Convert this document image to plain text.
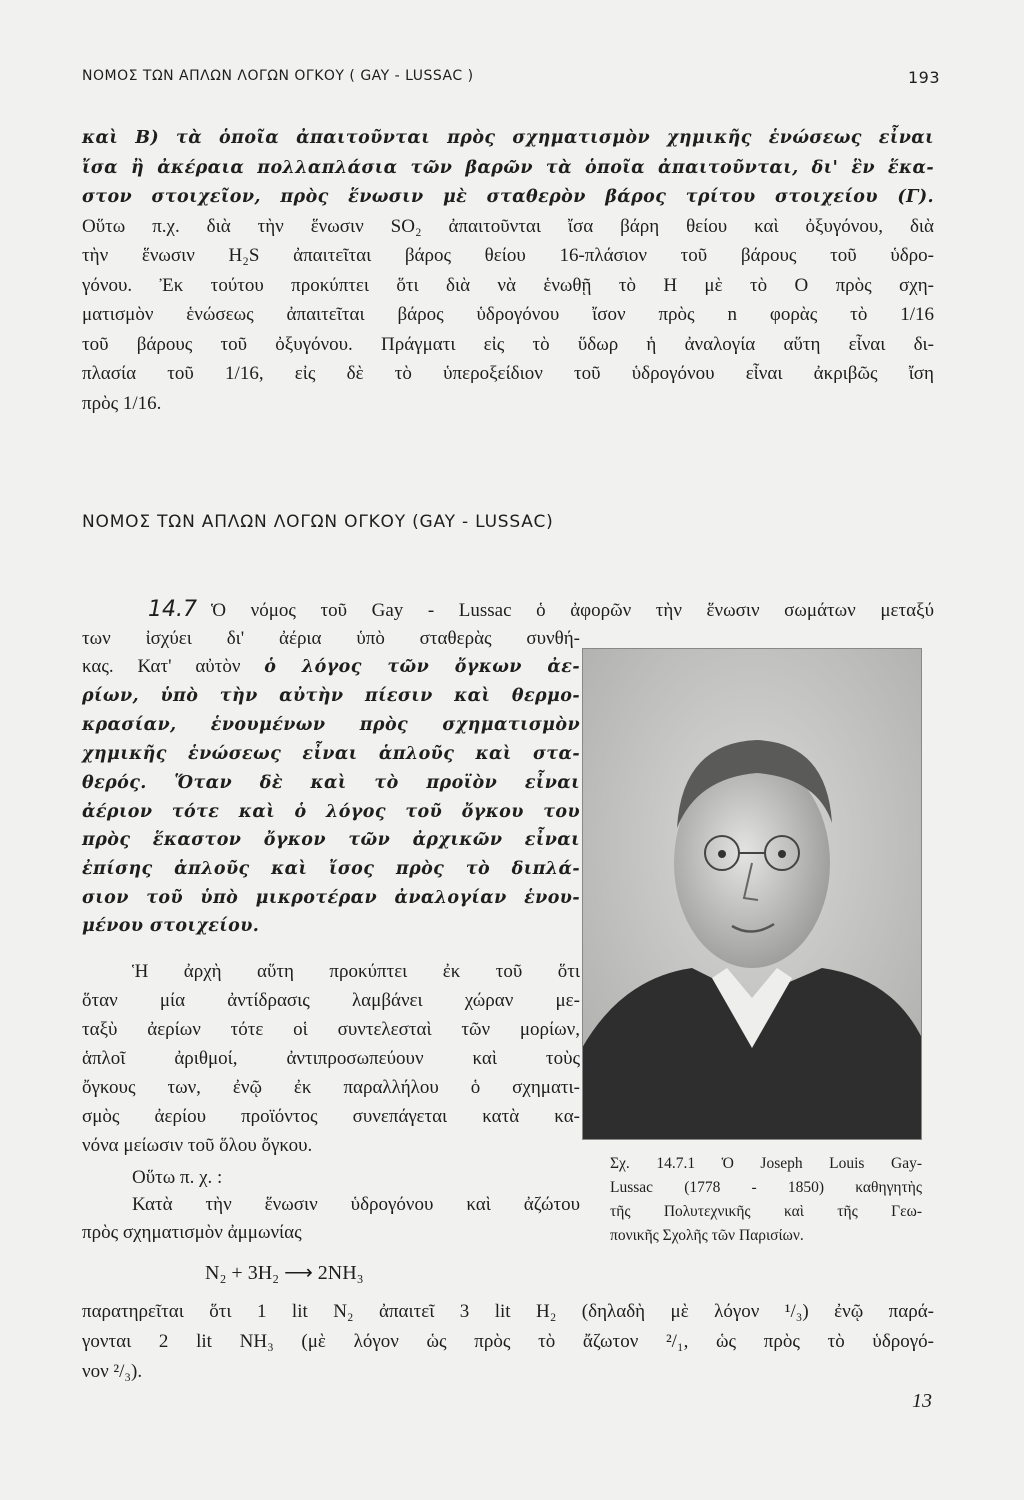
ΝΟΜΟΣ ΤΩΝ ΑΠΛΩΝ ΛΟΓΩΝ ΟΓΚΟΥ ( GAY - LUSSAC )	193
καὶ Β) τὰ ὁποῖα ἀπαιτοῦνται πρὸς σχηματισμὸν χημικῆς ἑνώσεως εἶναι
ἴσα ἢ ἀκέραια πολλαπλάσια τῶν βαρῶν τὰ ὁποῖα ἀπαιτοῦνται, δι' ἓν ἕκα-
στον στοιχεῖον, πρὸς ἕνωσιν μὲ σταθερὸν βάρος τρίτου στοιχείου (Γ).
Οὕτω π.χ. διὰ τὴν ἕνωσιν SO₂ ἀπαιτοῦνται ἴσα βάρη θείου καὶ ὀξυγόνου, διὰ
τὴν ἕνωσιν H₂S ἀπαιτεῖται βάρος θείου 16-πλάσιον τοῦ βάρους τοῦ ὑδρο-
γόνου. Ἐκ τούτου προκύπτει ὅτι διὰ νὰ ἑνωθῇ τὸ H μὲ τὸ O πρὸς σχη-
ματισμὸν ἑνώσεως ἀπαιτεῖται βάρος ὑδρογόνου ἴσον πρὸς n φορὰς τὸ 1/16
τοῦ βάρους τοῦ ὀξυγόνου. Πράγματι εἰς τὸ ὕδωρ ἡ ἀναλογία αὕτη εἶναι δι-
πλασία τοῦ 1/16, εἰς δὲ τὸ ὑπεροξείδιον τοῦ ὑδρογόνου εἶναι ἀκριβῶς ἴση
πρὸς 1/16.
ΝΟΜΟΣ ΤΩΝ ΑΠΛΩΝ ΛΟΓΩΝ ΟΓΚΟΥ (GAY - LUSSAC)
14.7 Ὁ νόμος τοῦ Gay - Lussac ὁ ἀφορῶν τὴν ἕνωσιν σωμάτων μεταξύ
των ἰσχύει δι' ἀέρια ὑπὸ σταθερὰς συνθή-
κας. Κατ' αὐτὸν ὁ λόγος τῶν ὄγκων ἀε-
ρίων, ὑπὸ τὴν αὐτὴν πίεσιν καὶ θερμο-
κρασίαν, ἑνουμένων πρὸς σχηματισμὸν
χημικῆς ἑνώσεως εἶναι ἁπλοῦς καὶ στα-
θερός. Ὅταν δὲ καὶ τὸ προϊὸν εἶναι
ἀέριον τότε καὶ ὁ λόγος τοῦ ὄγκου του
πρὸς ἕκαστον ὄγκον τῶν ἀρχικῶν εἶναι
ἐπίσης ἁπλοῦς καὶ ἴσος πρὸς τὸ διπλά-
σιον τοῦ ὑπὸ μικροτέραν ἀναλογίαν ἑνου-
μένου στοιχείου.
Ἡ ἀρχὴ αὕτη προκύπτει ἐκ τοῦ ὅτι
ὅταν μία ἀντίδρασις λαμβάνει χώραν με-
ταξὺ ἀερίων τότε οἱ συντελεσταὶ τῶν μορίων,
ἁπλοῖ ἀριθμοί, ἀντιπροσωπεύουν καὶ τοὺς
ὄγκους των, ἐνῷ ἐκ παραλλήλου ὁ σχηματι-
σμὸς ἀερίου προϊόντος συνεπάγεται κατὰ κα-
νόνα μείωσιν τοῦ ὅλου ὄγκου.
Οὕτω π. χ. :
Κατὰ τὴν ἕνωσιν ὑδρογόνου καὶ ἀζώτου
πρὸς σχηματισμὸν ἀμμωνίας
N₂ + 3H₂ ⟶ 2NH₃
παρατηρεῖται ὅτι 1 lit N₂ ἀπαιτεῖ 3 lit H₂ (δηλαδὴ μὲ λόγον ¹/₃) ἐνῷ παρά-
γονται 2 lit NH₃ (μὲ λόγον ὡς πρὸς τὸ ἄζωτον ²/₁, ὡς πρὸς τὸ ὑδρογό-
νον ²/₃).
Σχ. 14.7.1 Ὁ Joseph Louis Gay-
Lussac (1778 - 1850) καθηγητὴς
τῆς Πολυτεχνικῆς καὶ τῆς Γεω-
πονικῆς Σχολῆς τῶν Παρισίων.
13
